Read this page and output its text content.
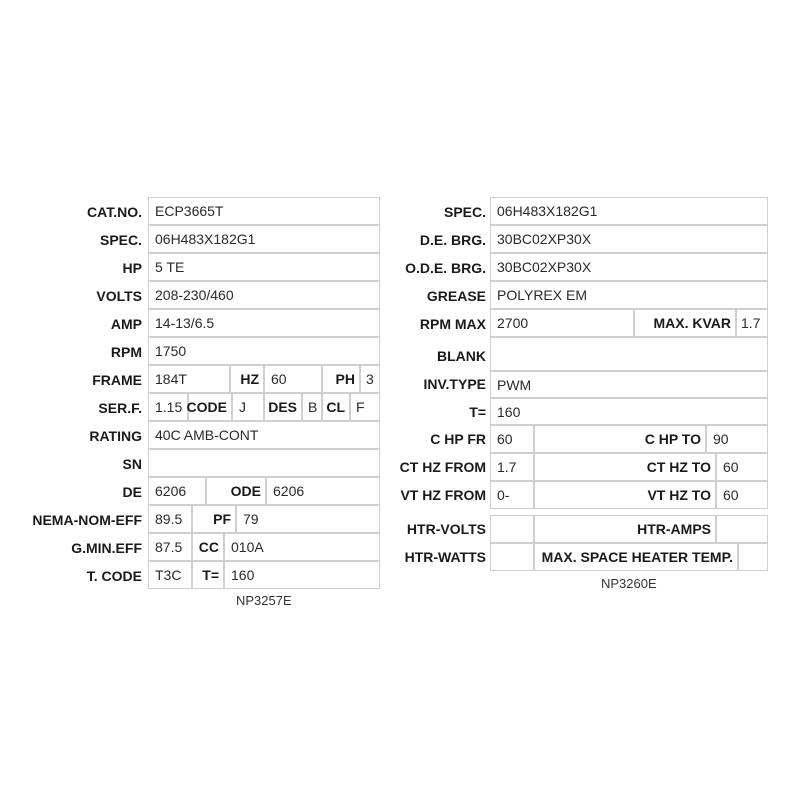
CAT.NO. ECP3665T
SPEC. 06H483X182G1
HP 5 TE
VOLTS 208-230/460
AMP 14-13/6.5
RPM 1750
FRAME 184T	HZ 60	PH 3
SER.F. 1.15 CODE J	DES B CL F
RATING 40C AMB-CONT
SN
DE 6206	ODE 6206
NEMA-NOM-EFF 89.5	PF 79
G.MIN.EFF 87.5	CC 010A
T. CODE T3C	T= 160
NP3257E
SPEC. 06H483X182G1
D.E. BRG. 30BC02XP30X
O.D.E. BRG. 30BC02XP30X
GREASE POLYREX EM
RPM MAX 2700	MAX. KVAR 1.7
BLANK
INV.TYPE PWM
T= 160
C HP FR 60	C HP TO 90
CT HZ FROM 1.7	CT HZ TO 60
VT HZ FROM 0-	VT HZ TO 60
HTR-VOLTS	HTR-AMPS
HTR-WATTS	MAX. SPACE HEATER TEMP.
NP3260E
